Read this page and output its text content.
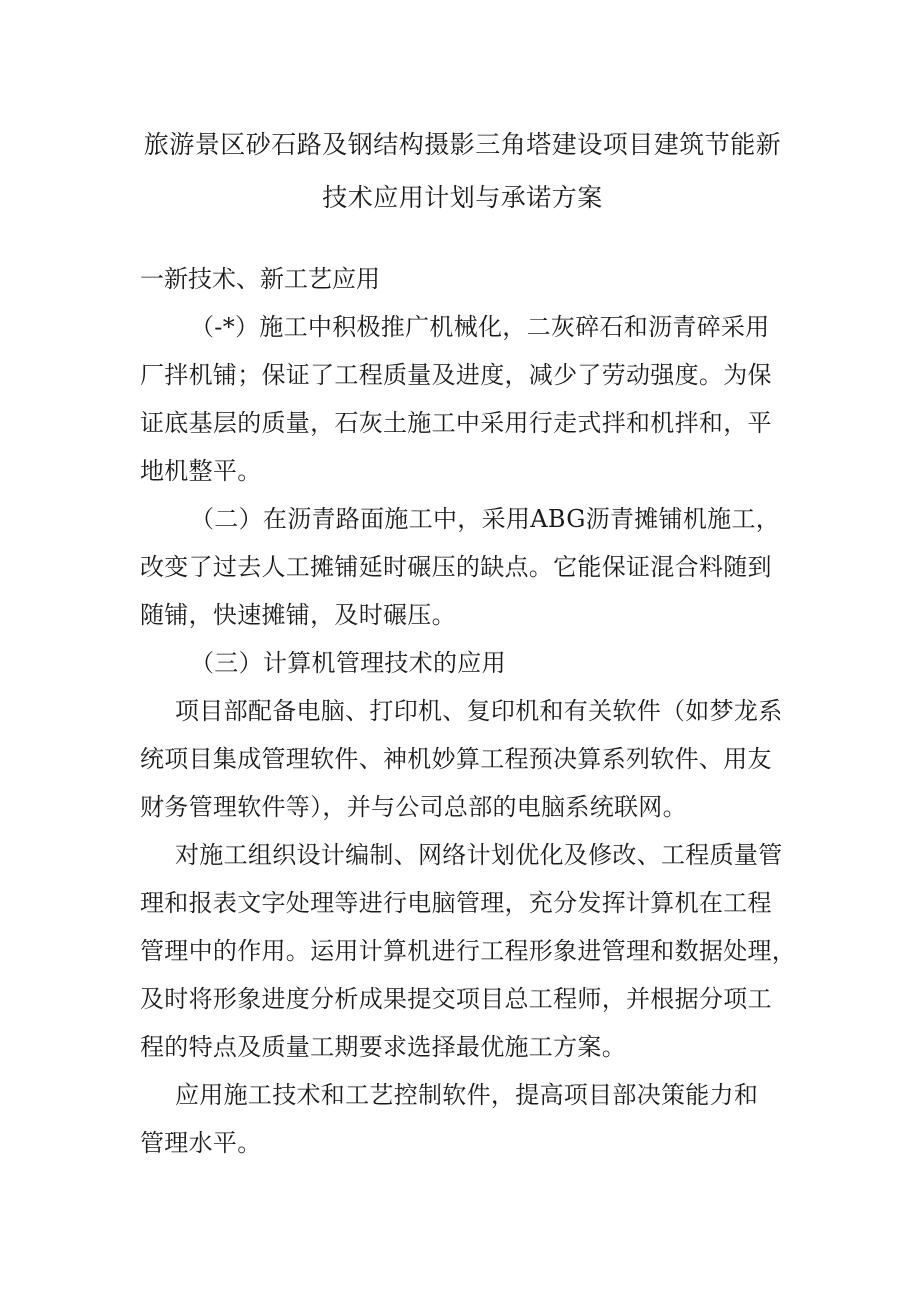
旅游景区砂石路及钢结构摄影三角塔建设项目建筑节能新
技术应用计划与承诺方案
一新技术、新工艺应用
（-*）施工中积极推广机械化，二灰碎石和沥青碎采用
厂拌机铺；保证了工程质量及进度，减少了劳动强度。为保
证底基层的质量，石灰土施工中采用行走式拌和机拌和，平
地机整平。
（二）在沥青路面施工中，采用ABG沥青摊铺机施工，
改变了过去人工摊铺延时碾压的缺点。它能保证混合料随到
随铺，快速摊铺，及时碾压。
（三）计算机管理技术的应用
项目部配备电脑、打印机、复印机和有关软件（如梦龙系
统项目集成管理软件、神机妙算工程预决算系列软件、用友
财务管理软件等），并与公司总部的电脑系统联网。
对施工组织设计编制、网络计划优化及修改、工程质量管
理和报表文字处理等进行电脑管理，充分发挥计算机在工程
管理中的作用。运用计算机进行工程形象进管理和数据处理，
及时将形象进度分析成果提交项目总工程师，并根据分项工
程的特点及质量工期要求选择最优施工方案。
应用施工技术和工艺控制软件，提高项目部决策能力和
管理水平。
